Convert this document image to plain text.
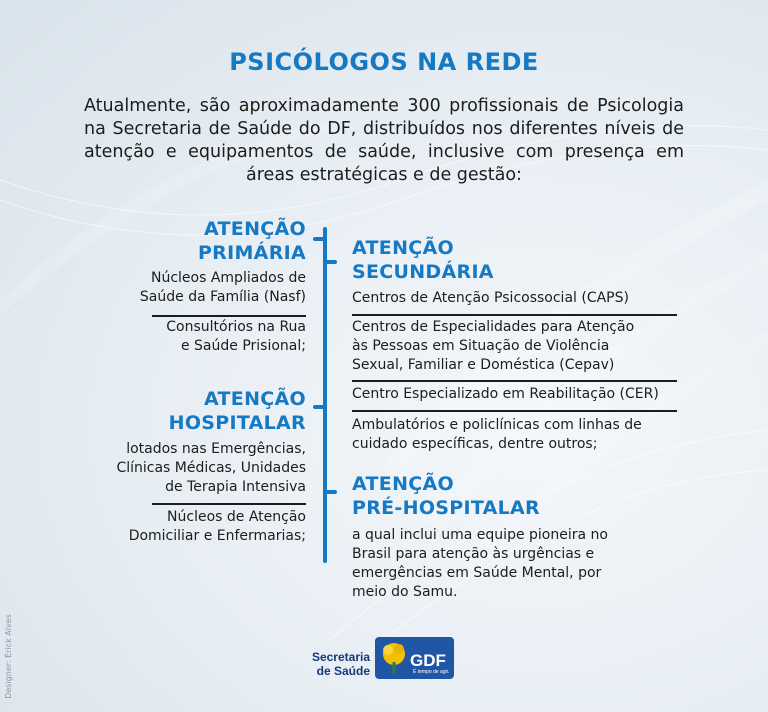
PSICÓLOGOS NA REDE
Atualmente, são aproximadamente 300 profissionais de Psicologia na Secretaria de Saúde do DF, distribuídos nos diferentes níveis de atenção e equipamentos de saúde, inclusive com presença em áreas estratégicas e de gestão:
ATENÇÃO
PRIMÁRIA
Núcleos Ampliados de
Saúde da Família (Nasf)
Consultórios na Rua
e Saúde Prisional;
ATENÇÃO
HOSPITALAR
lotados nas Emergências,
Clínicas Médicas, Unidades
de Terapia Intensiva
Núcleos de Atenção
Domiciliar e Enfermarias;
ATENÇÃO
SECUNDÁRIA
Centros de Atenção Psicossocial (CAPS)
Centros de Especialidades para Atenção
às Pessoas em Situação de Violência
Sexual, Familiar e Doméstica (Cepav)
Centro Especializado em Reabilitação (CER)
Ambulatórios e policlínicas com linhas de
cuidado específicas, dentre outros;
ATENÇÃO
PRÉ-HOSPITALAR
a qual inclui uma equipe pioneira no
Brasil para atenção às urgências e
emergências em Saúde Mental, por
meio do Samu.
Designer: Érick Alves	Secretaria
de Saúde
GDF
É tempo de agir.
